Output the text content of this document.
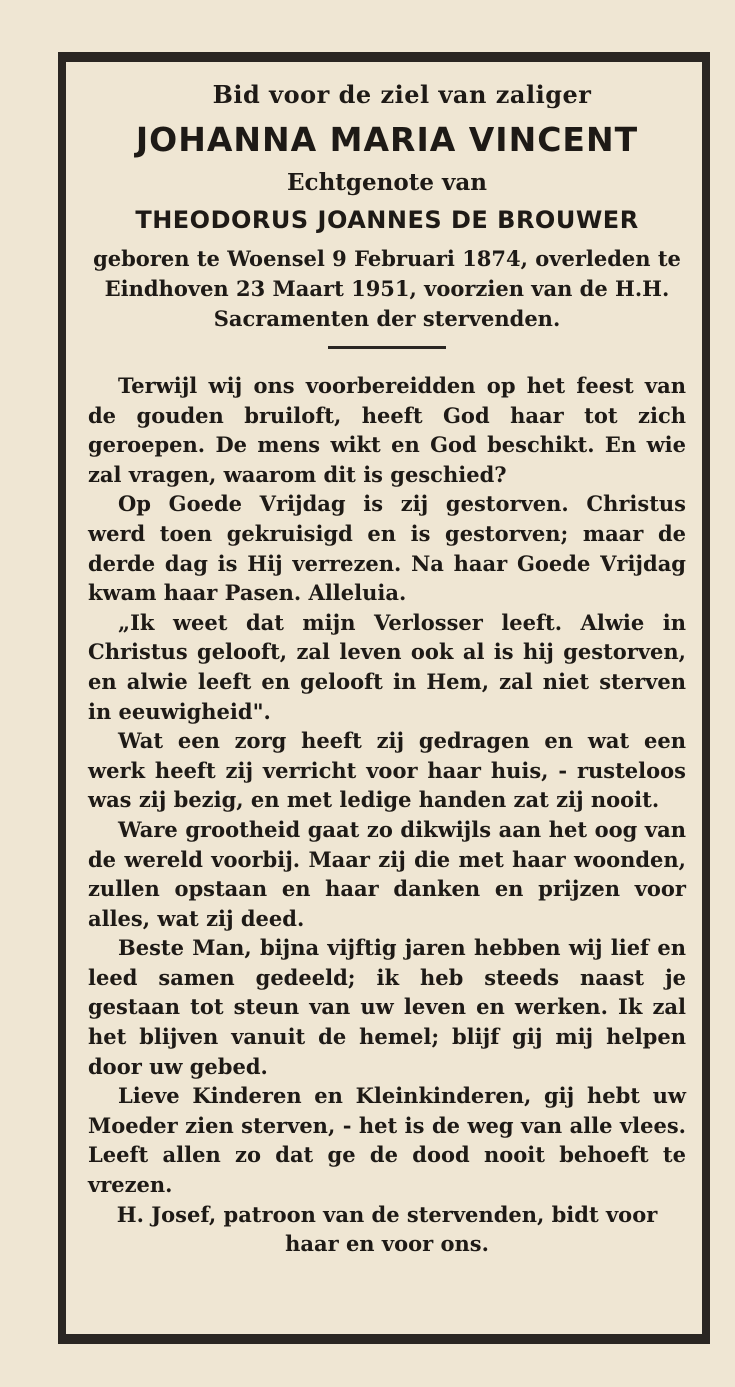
Bid voor de ziel van zaliger

JOHANNA MARIA VINCENT

Echtgenote van

THEODORUS JOANNES DE BROUWER

geboren te Woensel 9 Februari 1874, overleden te Eindhoven 23 Maart 1951, voorzien van de H.H. Sacramenten der stervenden.

Terwijl wij ons voorbereidden op het feest van de gouden bruiloft, heeft God haar tot zich geroepen. De mens wikt en God beschikt. En wie zal vragen, waarom dit is geschied?

Op Goede Vrijdag is zij gestorven. Christus werd toen gekruisigd en is gestorven; maar de derde dag is Hij verrezen. Na haar Goede Vrijdag kwam haar Pasen. Alleluia.

„Ik weet dat mijn Verlosser leeft. Alwie in Christus gelooft, zal leven ook al is hij gestorven, en alwie leeft en gelooft in Hem, zal niet sterven in eeuwigheid".

Wat een zorg heeft zij gedragen en wat een werk heeft zij verricht voor haar huis, - rusteloos was zij bezig, en met ledige handen zat zij nooit.

Ware grootheid gaat zo dikwijls aan het oog van de wereld voorbij. Maar zij die met haar woonden, zullen opstaan en haar danken en prijzen voor alles, wat zij deed.

Beste Man, bijna vijftig jaren hebben wij lief en leed samen gedeeld; ik heb steeds naast je gestaan tot steun van uw leven en werken. Ik zal het blijven vanuit de hemel; blijf gij mij helpen door uw gebed.

Lieve Kinderen en Kleinkinderen, gij hebt uw Moeder zien sterven, - het is de weg van alle vlees. Leeft allen zo dat ge de dood nooit behoeft te vrezen.

H. Josef, patroon van de stervenden, bidt voor haar en voor ons.
